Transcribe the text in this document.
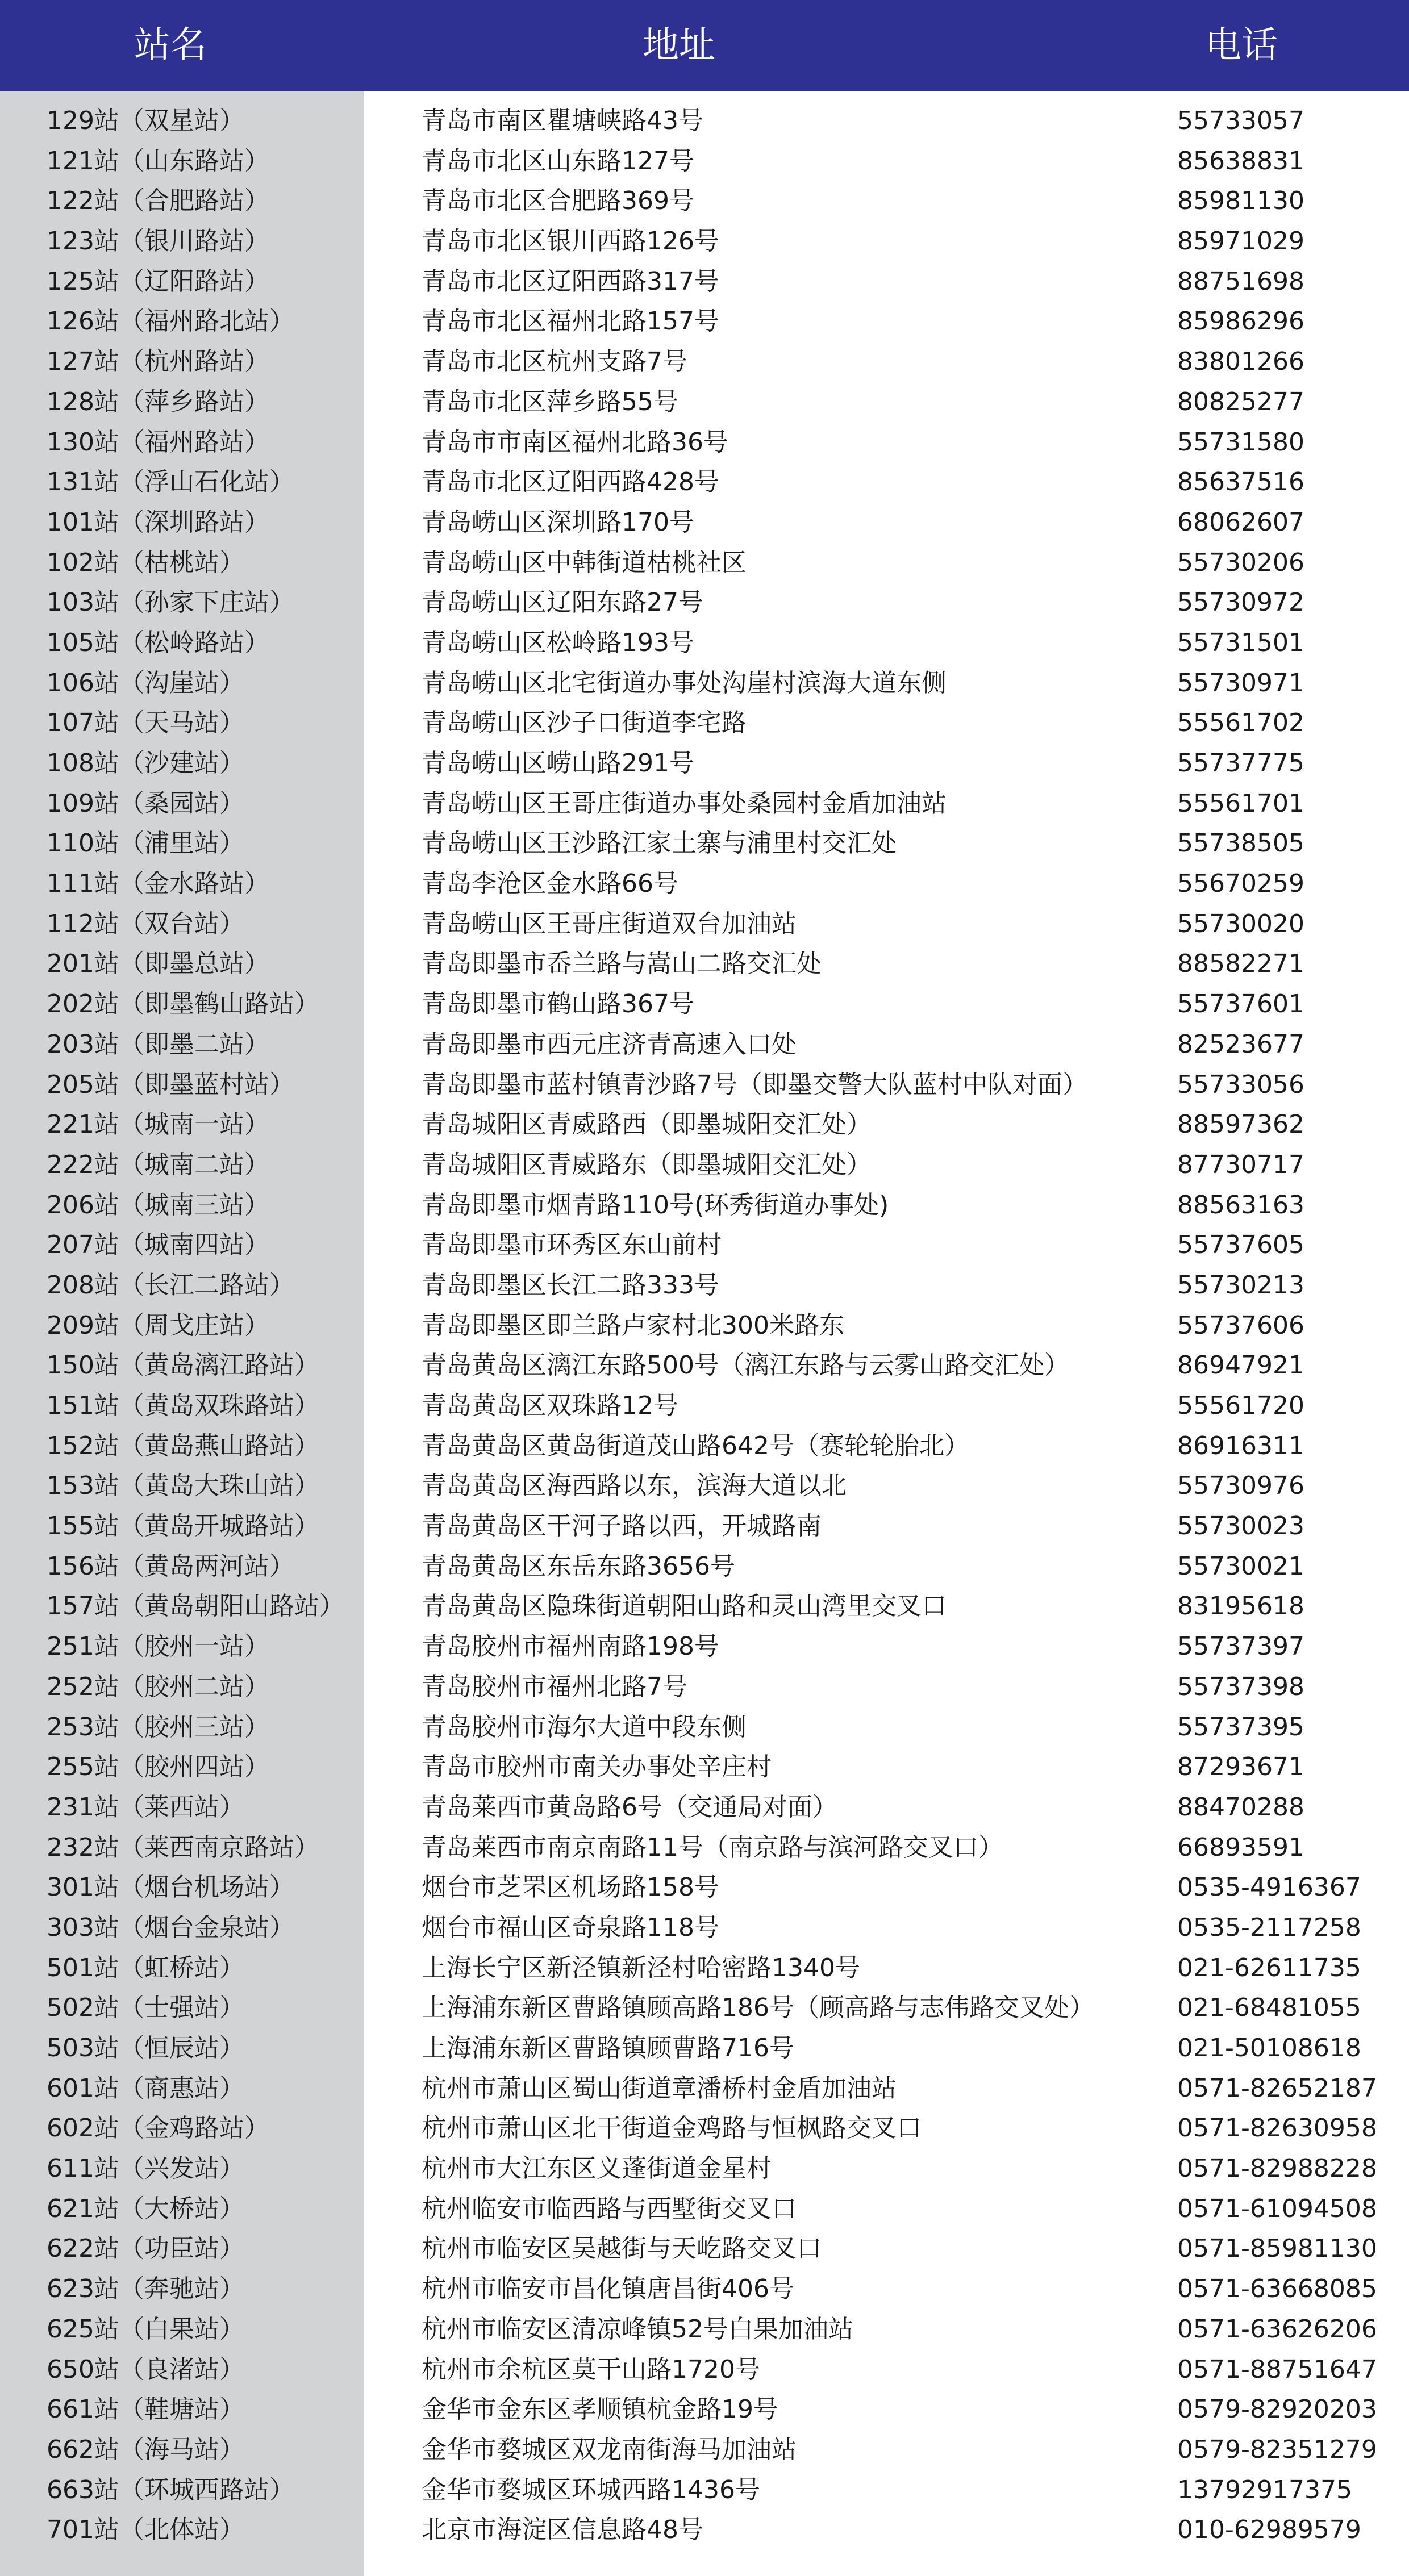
站名	地址	电话
129站（双星站）	青岛市南区瞿塘峡路43号	55733057
121站（山东路站）	青岛市北区山东路127号	85638831
122站（合肥路站）	青岛市北区合肥路369号	85981130
123站（银川路站）	青岛市北区银川西路126号	85971029
125站（辽阳路站）	青岛市北区辽阳西路317号	88751698
126站（福州路北站）	青岛市北区福州北路157号	85986296
127站（杭州路站）	青岛市北区杭州支路7号	83801266
128站（萍乡路站）	青岛市北区萍乡路55号	80825277
130站（福州路站）	青岛市市南区福州北路36号	55731580
131站（浮山石化站）	青岛市北区辽阳西路428号	85637516
101站（深圳路站）	青岛崂山区深圳路170号	68062607
102站（枯桃站）	青岛崂山区中韩街道枯桃社区	55730206
103站（孙家下庄站）	青岛崂山区辽阳东路27号	55730972
105站（松岭路站）	青岛崂山区松岭路193号	55731501
106站（沟崖站）	青岛崂山区北宅街道办事处沟崖村滨海大道东侧	55730971
107站（天马站）	青岛崂山区沙子口街道李宅路	55561702
108站（沙建站）	青岛崂山区崂山路291号	55737775
109站（桑园站）	青岛崂山区王哥庄街道办事处桑园村金盾加油站	55561701
110站（浦里站）	青岛崂山区王沙路江家土寨与浦里村交汇处	55738505
111站（金水路站）	青岛李沧区金水路66号	55670259
112站（双台站）	青岛崂山区王哥庄街道双台加油站	55730020
201站（即墨总站）	青岛即墨市岙兰路与嵩山二路交汇处	88582271
202站（即墨鹤山路站）	青岛即墨市鹤山路367号	55737601
203站（即墨二站）	青岛即墨市西元庄济青高速入口处	82523677
205站（即墨蓝村站）	青岛即墨市蓝村镇青沙路7号（即墨交警大队蓝村中队对面）	55733056
221站（城南一站）	青岛城阳区青威路西（即墨城阳交汇处）	88597362
222站（城南二站）	青岛城阳区青威路东（即墨城阳交汇处）	87730717
206站（城南三站）	青岛即墨市烟青路110号(环秀街道办事处)	88563163
207站（城南四站）	青岛即墨市环秀区东山前村	55737605
208站（长江二路站）	青岛即墨区长江二路333号	55730213
209站（周戈庄站）	青岛即墨区即兰路卢家村北300米路东	55737606
150站（黄岛漓江路站）	青岛黄岛区漓江东路500号（漓江东路与云雾山路交汇处）	86947921
151站（黄岛双珠路站）	青岛黄岛区双珠路12号	55561720
152站（黄岛燕山路站）	青岛黄岛区黄岛街道茂山路642号（赛轮轮胎北）	86916311
153站（黄岛大珠山站）	青岛黄岛区海西路以东，滨海大道以北	55730976
155站（黄岛开城路站）	青岛黄岛区干河子路以西，开城路南	55730023
156站（黄岛两河站）	青岛黄岛区东岳东路3656号	55730021
157站（黄岛朝阳山路站）	青岛黄岛区隐珠街道朝阳山路和灵山湾里交叉口	83195618
251站（胶州一站）	青岛胶州市福州南路198号	55737397
252站（胶州二站）	青岛胶州市福州北路7号	55737398
253站（胶州三站）	青岛胶州市海尔大道中段东侧	55737395
255站（胶州四站）	青岛市胶州市南关办事处辛庄村	87293671
231站（莱西站）	青岛莱西市黄岛路6号（交通局对面）	88470288
232站（莱西南京路站）	青岛莱西市南京南路11号（南京路与滨河路交叉口）	66893591
301站（烟台机场站）	烟台市芝罘区机场路158号	0535-4916367
303站（烟台金泉站）	烟台市福山区奇泉路118号	0535-2117258
501站（虹桥站）	上海长宁区新泾镇新泾村哈密路1340号	021-62611735
502站（士强站）	上海浦东新区曹路镇顾高路186号（顾高路与志伟路交叉处）	021-68481055
503站（恒辰站）	上海浦东新区曹路镇顾曹路716号	021-50108618
601站（商惠站）	杭州市萧山区蜀山街道章潘桥村金盾加油站	0571-82652187
602站（金鸡路站）	杭州市萧山区北干街道金鸡路与恒枫路交叉口	0571-82630958
611站（兴发站）	杭州市大江东区义蓬街道金星村	0571-82988228
621站（大桥站）	杭州临安市临西路与西墅街交叉口	0571-61094508
622站（功臣站）	杭州市临安区吴越街与天屹路交叉口	0571-85981130
623站（奔驰站）	杭州市临安市昌化镇唐昌街406号	0571-63668085
625站（白果站）	杭州市临安区清凉峰镇52号白果加油站	0571-63626206
650站（良渚站）	杭州市余杭区莫干山路1720号	0571-88751647
661站（鞋塘站）	金华市金东区孝顺镇杭金路19号	0579-82920203
662站（海马站）	金华市婺城区双龙南街海马加油站	0579-82351279
663站（环城西路站）	金华市婺城区环城西路1436号	13792917375
701站（北体站）	北京市海淀区信息路48号	010-62989579
